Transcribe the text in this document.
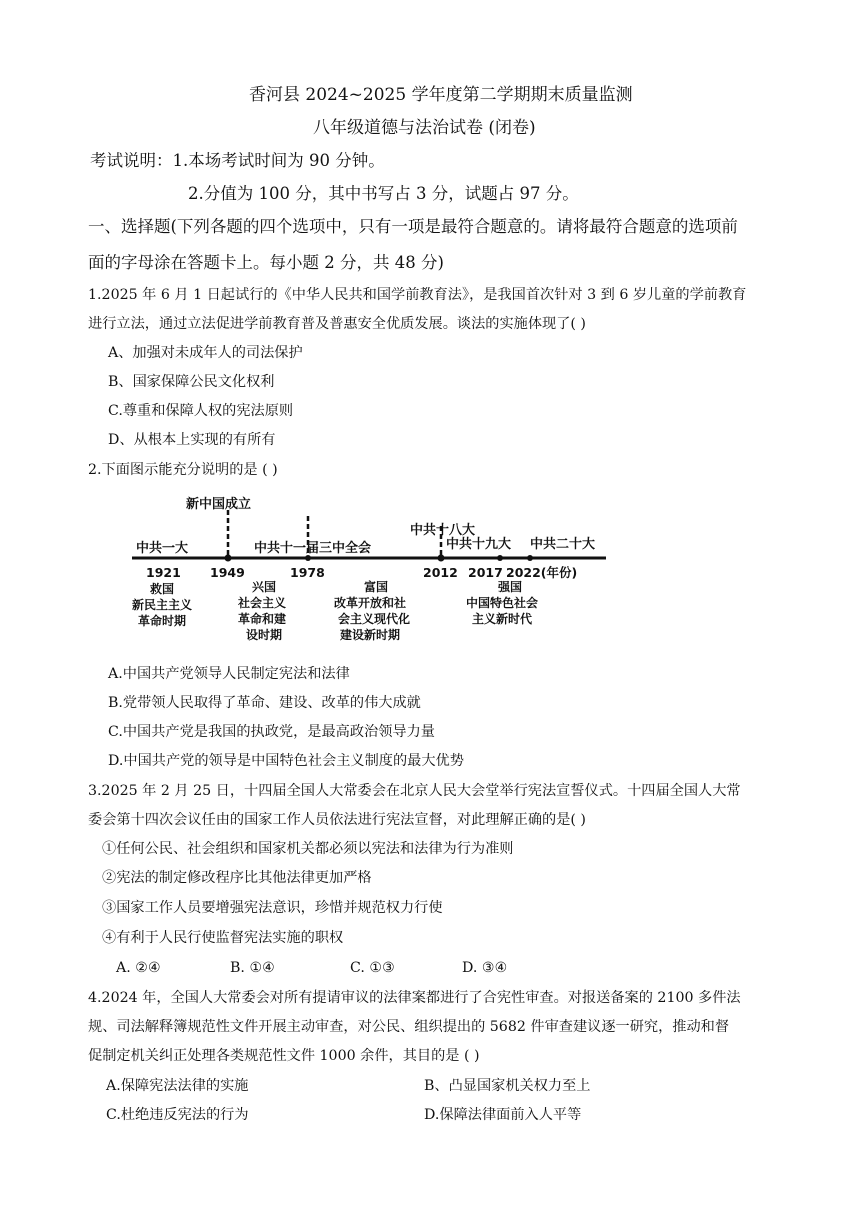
香河县 2024~2025 学年度第二学期期末质量监测
八年级道德与法治试卷 (闭卷)
考试说明：1.本场考试时间为 90 分钟。
2.分值为 100 分，其中书写占 3 分，试题占 97 分。
一、选择题(下列各题的四个选项中，只有一项是最符合题意的。请将最符合题意的选项前
面的字母涂在答题卡上。每小题 2 分，共 48 分)
1.2025 年 6 月 1 日起试行的《中华人民共和国学前教育法》，是我国首次针对 3 到 6 岁儿童的学前教育
进行立法，通过立法促进学前教育普及普惠安全优质发展。谈法的实施体现了( )
A、加强对未成年人的司法保护
B、国家保障公民文化权利
C.尊重和保障人权的宪法原则
D、从根本上实现的有所有
2.下面图示能充分说明的是 ( )
新中国成立
中共十八大
中共一大	中共十一届三中全会	中共十九大 中共二十大
1921 1949	1978	2012 2017 2022(年份)
救国
新民主主义
革命时期
兴国
社会主义
革命和建
设时期
富国
改革开放和社
会主义现代化
建设新时期
强国
中国特色社会
主义新时代
A.中国共产党领导人民制定宪法和法律
B.党带领人民取得了革命、建设、改革的伟大成就
C.中国共产党是我国的执政党，是最高政治领导力量
D.中国共产党的领导是中国特色社会主义制度的最大优势
3.2025 年 2 月 25 日，十四届全国人大常委会在北京人民大会堂举行宪法宣誓仪式。十四届全国人大常
委会第十四次会议任由的国家工作人员依法进行宪法宣督，对此理解正确的是( )
①任何公民、社会组织和国家机关都必须以宪法和法律为行为准则
②宪法的制定修改程序比其他法律更加严格
③国家工作人员要增强宪法意识，珍惜并规范权力行使
④有利于人民行使监督宪法实施的职权
A. ②④	B. ①④	C. ①③	D. ③④
4.2024 年，全国人大常委会对所有提请审议的法律案都进行了合宪性审查。对报送备案的 2100 多件法
规、司法解释簿规范性文件开展主动审查，对公民、组织提出的 5682 件审查建议逐一研究，推动和督
促制定机关纠正处理各类规范性文件 1000 余件，其目的是 ( )
A.保障宪法法律的实施	B、凸显国家机关权力至上
C.杜绝违反宪法的行为	D.保障法律面前入人平等
